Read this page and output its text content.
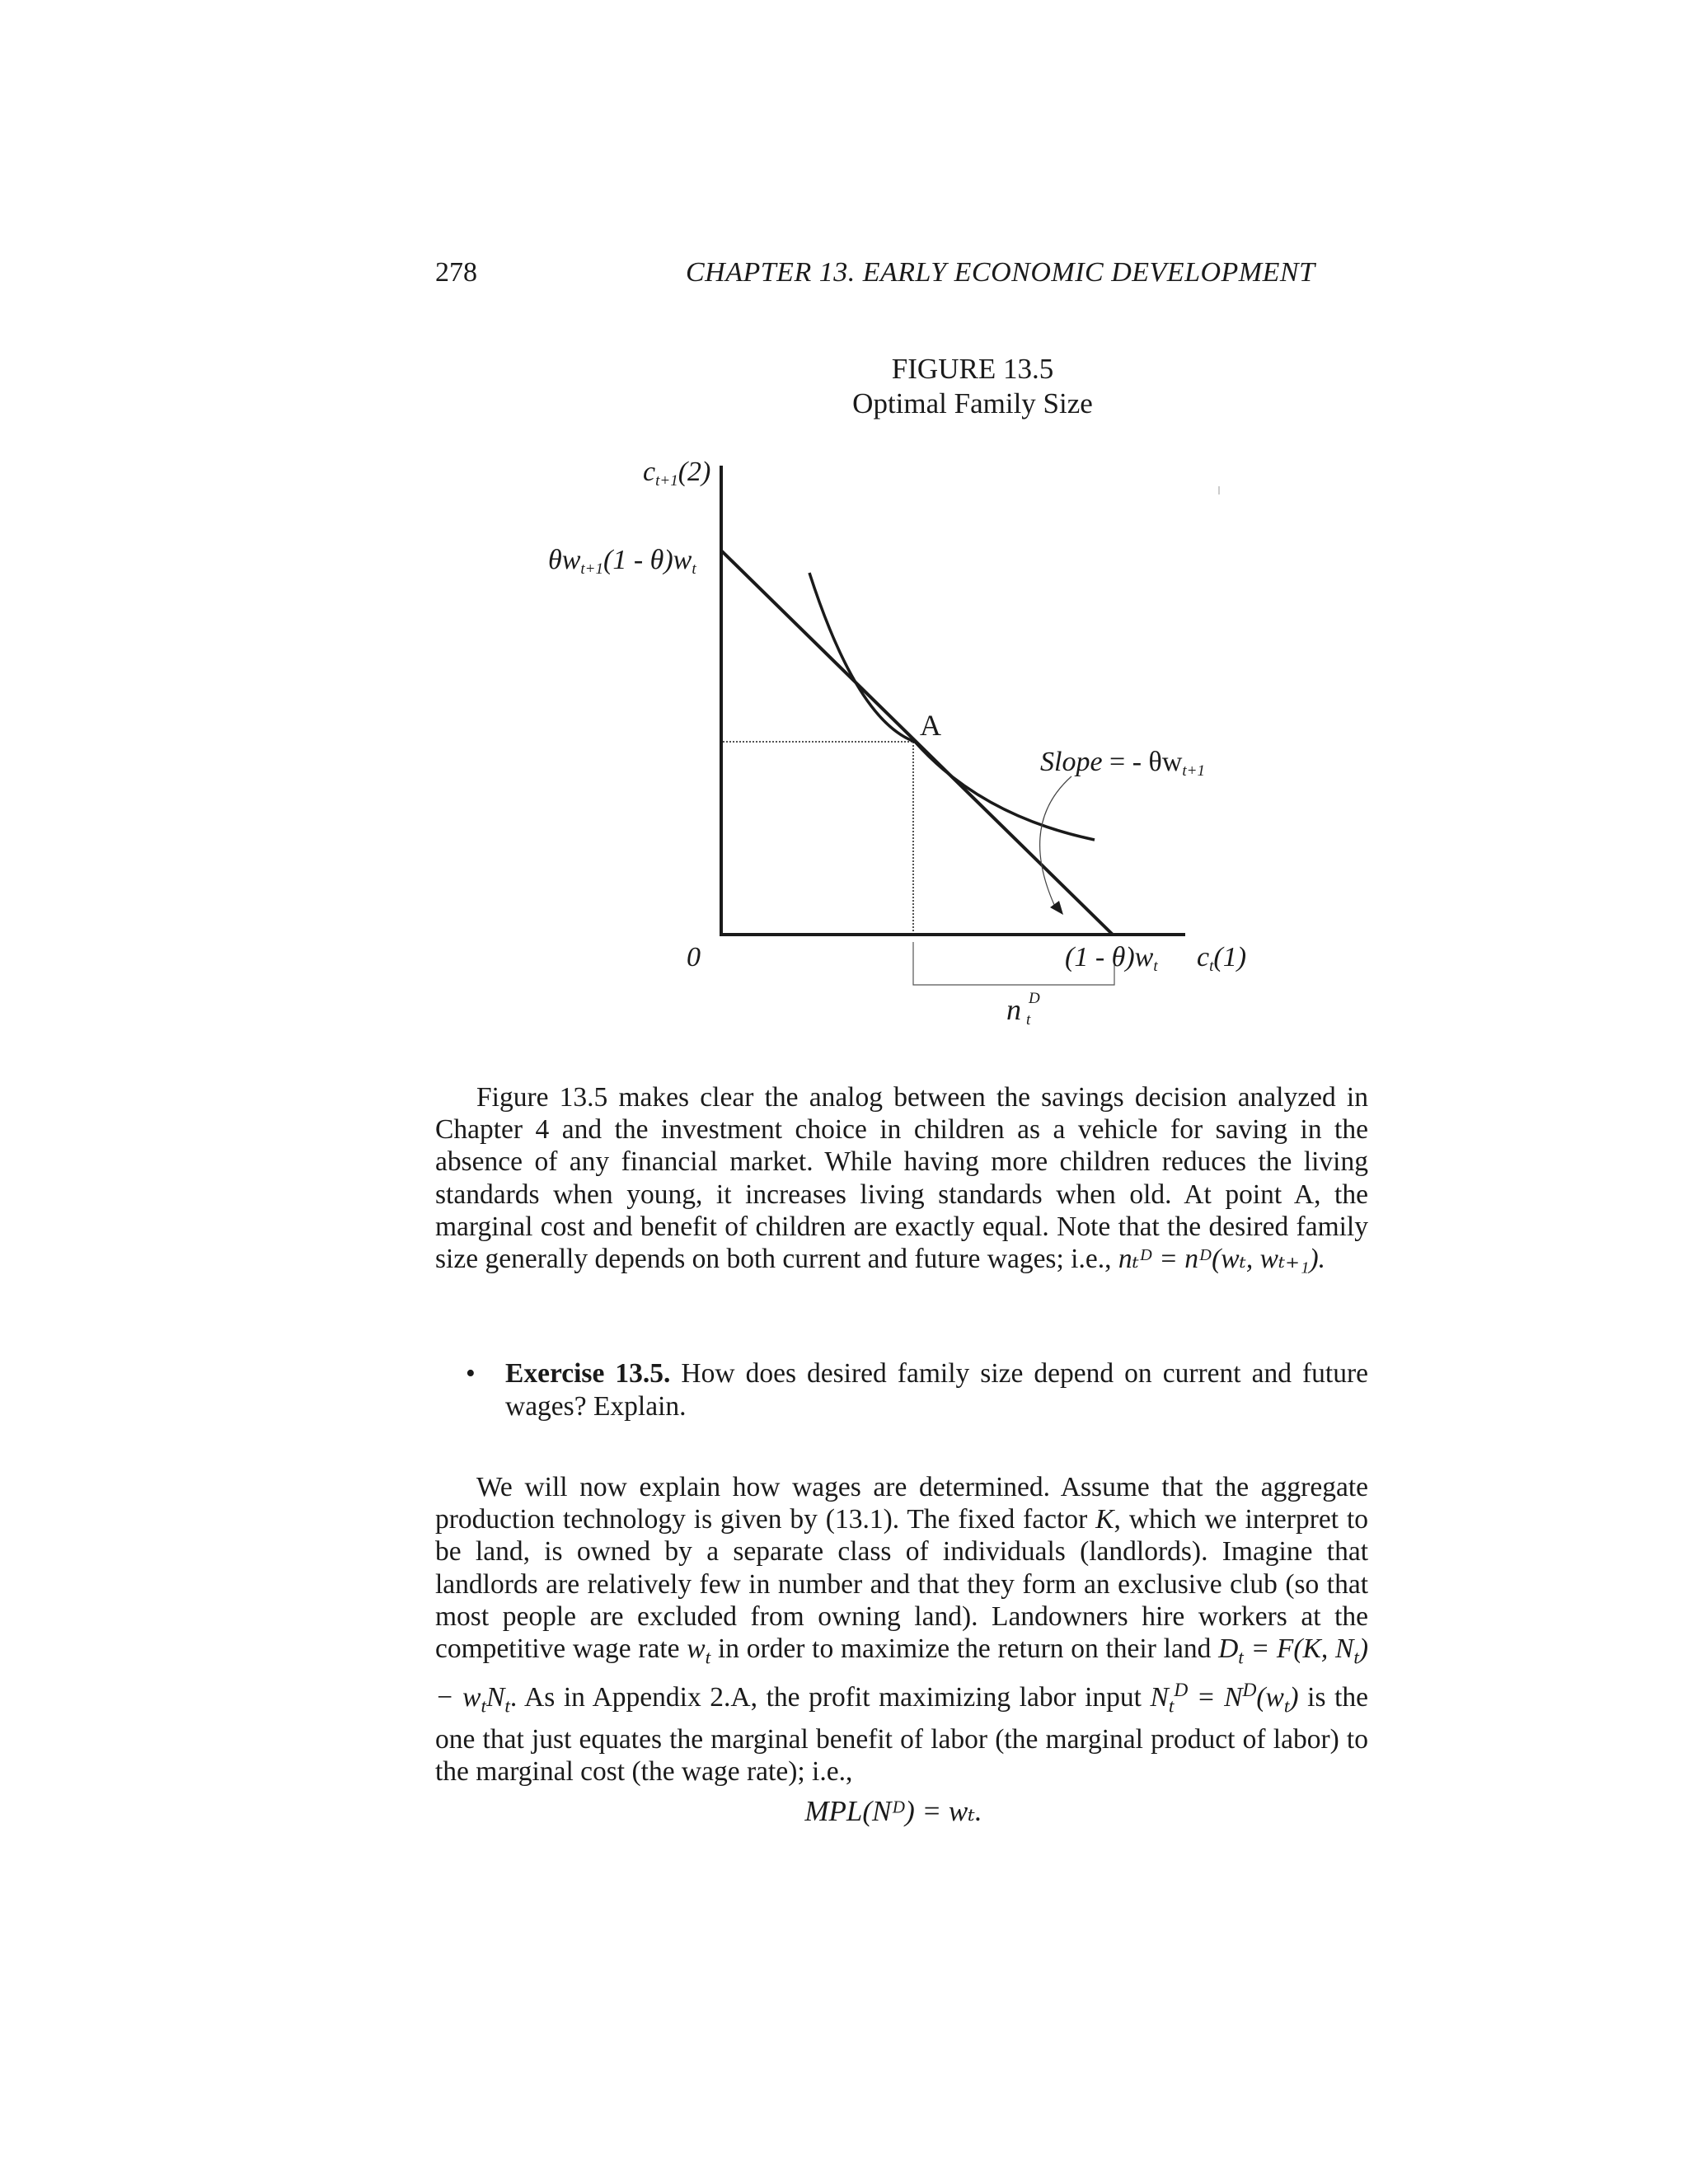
278	CHAPTER 13. EARLY ECONOMIC DEVELOPMENT
FIGURE 13.5
Optimal Family Size
ct+1(2)
θwt+1(1 - θ)wt
0
A
Slope = - θwt+1
(1 - θ)wt ct(1)
n D
t

Figure 13.5 makes clear the analog between the savings decision analyzed in Chapter 4 and the investment choice in children as a vehicle for saving in the absence of any financial market. While having more children reduces the living standards when young, it increases living standards when old. At point A, the marginal cost and benefit of children are exactly equal. Note that the desired family size generally depends on both current and future wages; i.e., nₜᴰ = nᴰ(wₜ, wₜ₊₁).

• Exercise 13.5. How does desired family size depend on current and future wages? Explain.

We will now explain how wages are determined. Assume that the aggregate production technology is given by (13.1). The fixed factor K, which we interpret to be land, is owned by a separate class of individuals (landlords). Imagine that landlords are relatively few in number and that they form an exclusive club (so that most people are excluded from owning land). Landowners hire workers at the competitive wage rate $w_t$ in order to maximize the return on their land $D_t = F(K$, $N_t) - w_tN_t$. As in Appendix 2.A, the profit maximizing labor input $N_t^D = N^D(w_t)$ is the one that just equates the marginal benefit of labor (the marginal product of labor) to the marginal cost (the wage rate); i.e.,

MPL(Nᴰ) = wₜ.
